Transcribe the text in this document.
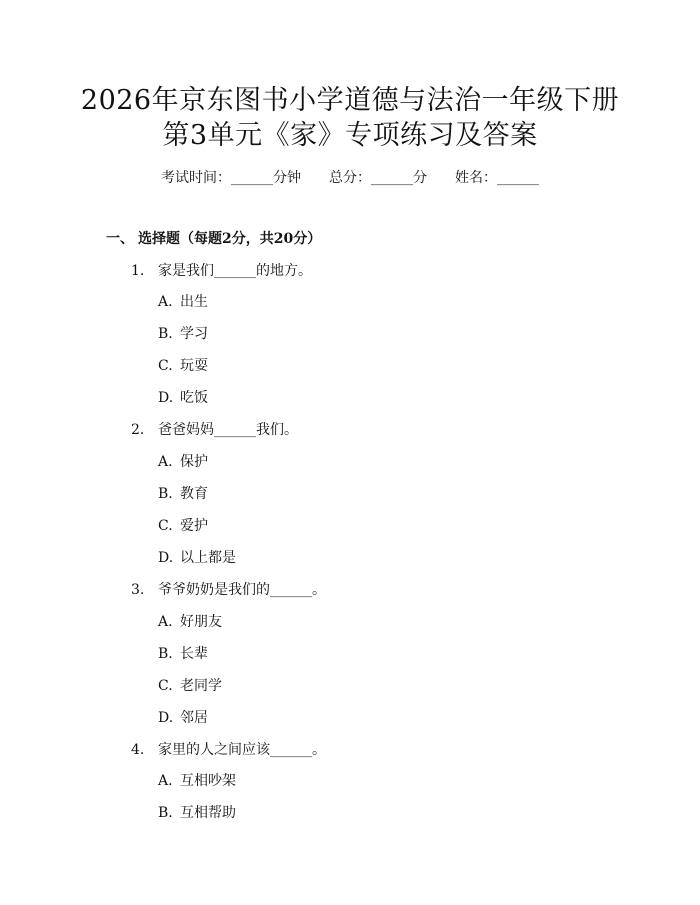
2026年京东图书小学道德与法治一年级下册
第3单元《家》专项练习及答案
考试时间：______分钟 总分：______分 姓名：______
一、 选择题（每题2分，共20分）
1. 家是我们______的地方。
A. 出生
B. 学习
C. 玩耍
D. 吃饭
2. 爸爸妈妈______我们。
A. 保护
B. 教育
C. 爱护
D. 以上都是
3. 爷爷奶奶是我们的______。
A. 好朋友
B. 长辈
C. 老同学
D. 邻居
4. 家里的人之间应该______。
A. 互相吵架
B. 互相帮助
